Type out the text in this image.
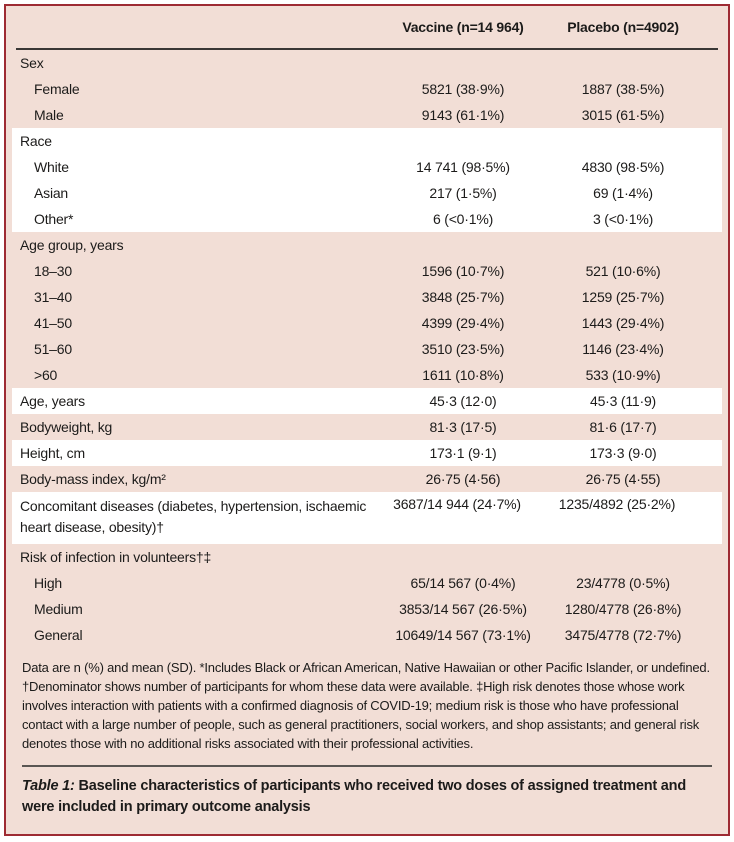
Vaccine (n=14 964)	Placebo (n=4902)
Sex
Female	5821 (38·9%)	1887 (38·5%)
Male	9143 (61·1%)	3015 (61·5%)
Race
White	14 741 (98·5%)	4830 (98·5%)
Asian	217 (1·5%)	69 (1·4%)
Other*	6 (<0·1%)	3 (<0·1%)
Age group, years
18–30	1596 (10·7%)	521 (10·6%)
31–40	3848 (25·7%)	1259 (25·7%)
41–50	4399 (29·4%)	1443 (29·4%)
51–60	3510 (23·5%)	1146 (23·4%)
>60	1611 (10·8%)	533 (10·9%)
Age, years	45·3 (12·0)	45·3 (11·9)
Bodyweight, kg	81·3 (17·5)	81·6 (17·7)
Height, cm	173·1 (9·1)	173·3 (9·0)
Body-mass index, kg/m²	26·75 (4·56)	26·75 (4·55)
Concomitant diseases (diabetes, hypertension, ischaemic heart disease, obesity)†
3687/14 944 (24·7%)	1235/4892 (25·2%)
Risk of infection in volunteers†‡
High	65/14 567 (0·4%)	23/4778 (0·5%)
Medium	3853/14 567 (26·5%)	1280/4778 (26·8%)
General	10649/14 567 (73·1%)	3475/4778 (72·7%)
Data are n (%) and mean (SD). *Includes Black or African American, Native Hawaiian or other Pacific Islander, or undefined. †Denominator shows number of participants for whom these data were available. ‡High risk denotes those whose work involves interaction with patients with a confirmed diagnosis of COVID-19; medium risk is those who have professional contact with a large number of people, such as general practitioners, social workers, and shop assistants; and general risk denotes those with no additional risks associated with their professional activities.
Table 1: Baseline characteristics of participants who received two doses of assigned treatment and were included in primary outcome analysis
